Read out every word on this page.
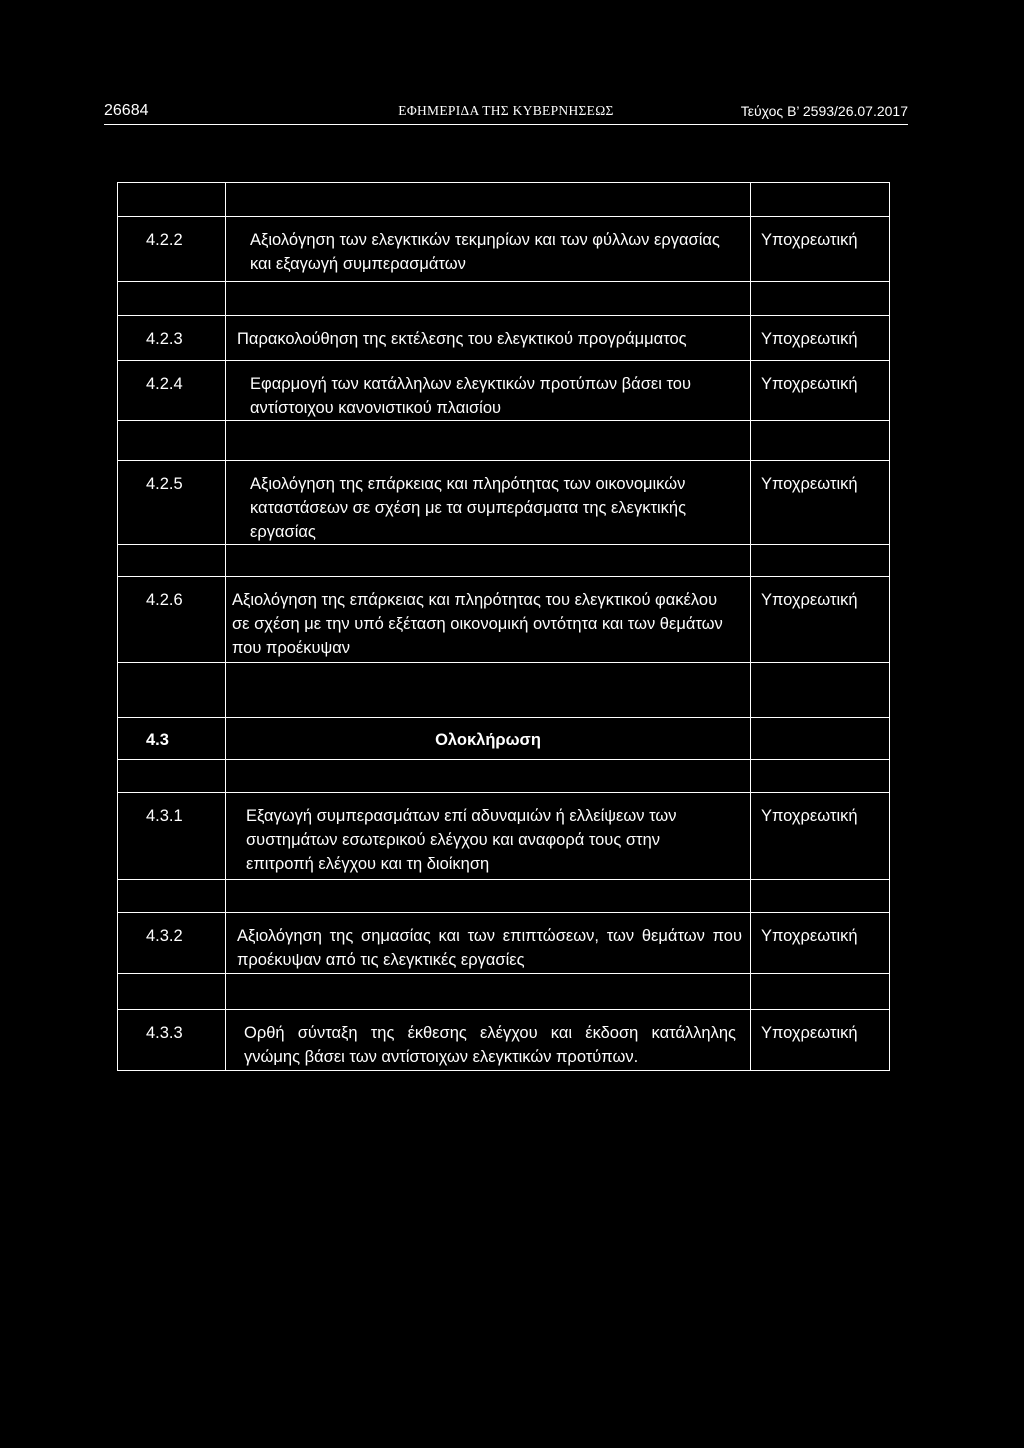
26684	ΕΦΗΜΕΡΙΔΑ ΤΗΣ ΚΥΒΕΡΝΗΣΕΩΣ	Τεύχος Β’ 2593/26.07.2017

4.2.2	Αξιολόγηση των ελεγκτικών τεκμηρίων και των φύλλων εργασίας και εξαγωγή συμπερασμάτων	Υποχρεωτική

4.2.3	Παρακολούθηση της εκτέλεσης του ελεγκτικού προγράμματος	Υποχρεωτική
4.2.4	Εφαρμογή των κατάλληλων ελεγκτικών προτύπων βάσει του αντίστοιχου κανονιστικού πλαισίου	Υποχρεωτική

4.2.5	Αξιολόγηση της επάρκειας και πληρότητας των οικονομικών καταστάσεων σε σχέση με τα συμπεράσματα της ελεγκτικής εργασίας	Υποχρεωτική

4.2.6	Αξιολόγηση της επάρκειας και πληρότητας του ελεγκτικού φακέλου σε σχέση με την υπό εξέταση οικονομική οντότητα και των θεμάτων που προέκυψαν	Υποχρεωτική

4.3	Ολοκλήρωση	

4.3.1	Εξαγωγή συμπερασμάτων επί αδυναμιών ή ελλείψεων των συστημάτων εσωτερικού ελέγχου και αναφορά τους στην επιτροπή ελέγχου και τη διοίκηση	Υποχρεωτική

4.3.2	Αξιολόγηση της σημασίας και των επιπτώσεων, των θεμάτων που προέκυψαν από τις ελεγκτικές εργασίες	Υποχρεωτική

4.3.3	Ορθή σύνταξη της έκθεσης ελέγχου και έκδοση κατάλληλης γνώμης βάσει των αντίστοιχων ελεγκτικών προτύπων.	Υποχρεωτική
